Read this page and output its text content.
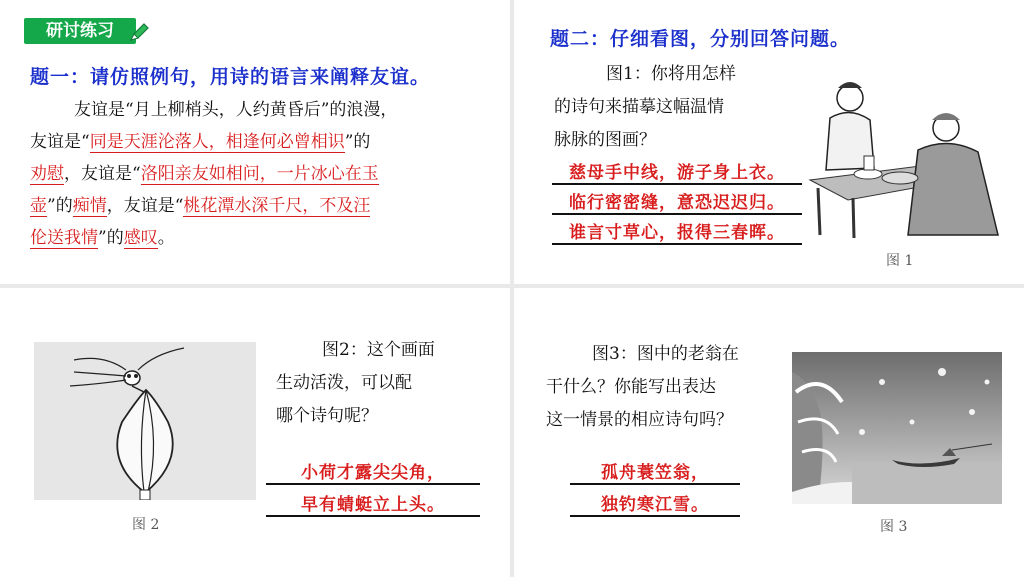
研讨练习
题一：请仿照例句，用诗的语言来阐释友谊。
友谊是“月上柳梢头，人约黄昏后”的浪漫，
友谊是“同是天涯沦落人，相逢何必曾相识”的
劝慰，友谊是“洛阳亲友如相问，一片冰心在玉
壶”的痴情，友谊是“桃花潭水深千尺，不及汪
伦送我情”的感叹。
题二：仔细看图，分别回答问题。
图1：你将用怎样
的诗句来描摹这幅温情
脉脉的图画？
慈母手中线，游子身上衣。
临行密密缝，意恐迟迟归。
谁言寸草心，报得三春晖。
图 1
图 2
图2：这个画面
生动活泼，可以配
哪个诗句呢？
小荷才露尖尖角，
早有蜻蜓立上头。
图3：图中的老翁在
干什么？你能写出表达
这一情景的相应诗句吗？
孤舟蓑笠翁，
独钓寒江雪。
图 3
